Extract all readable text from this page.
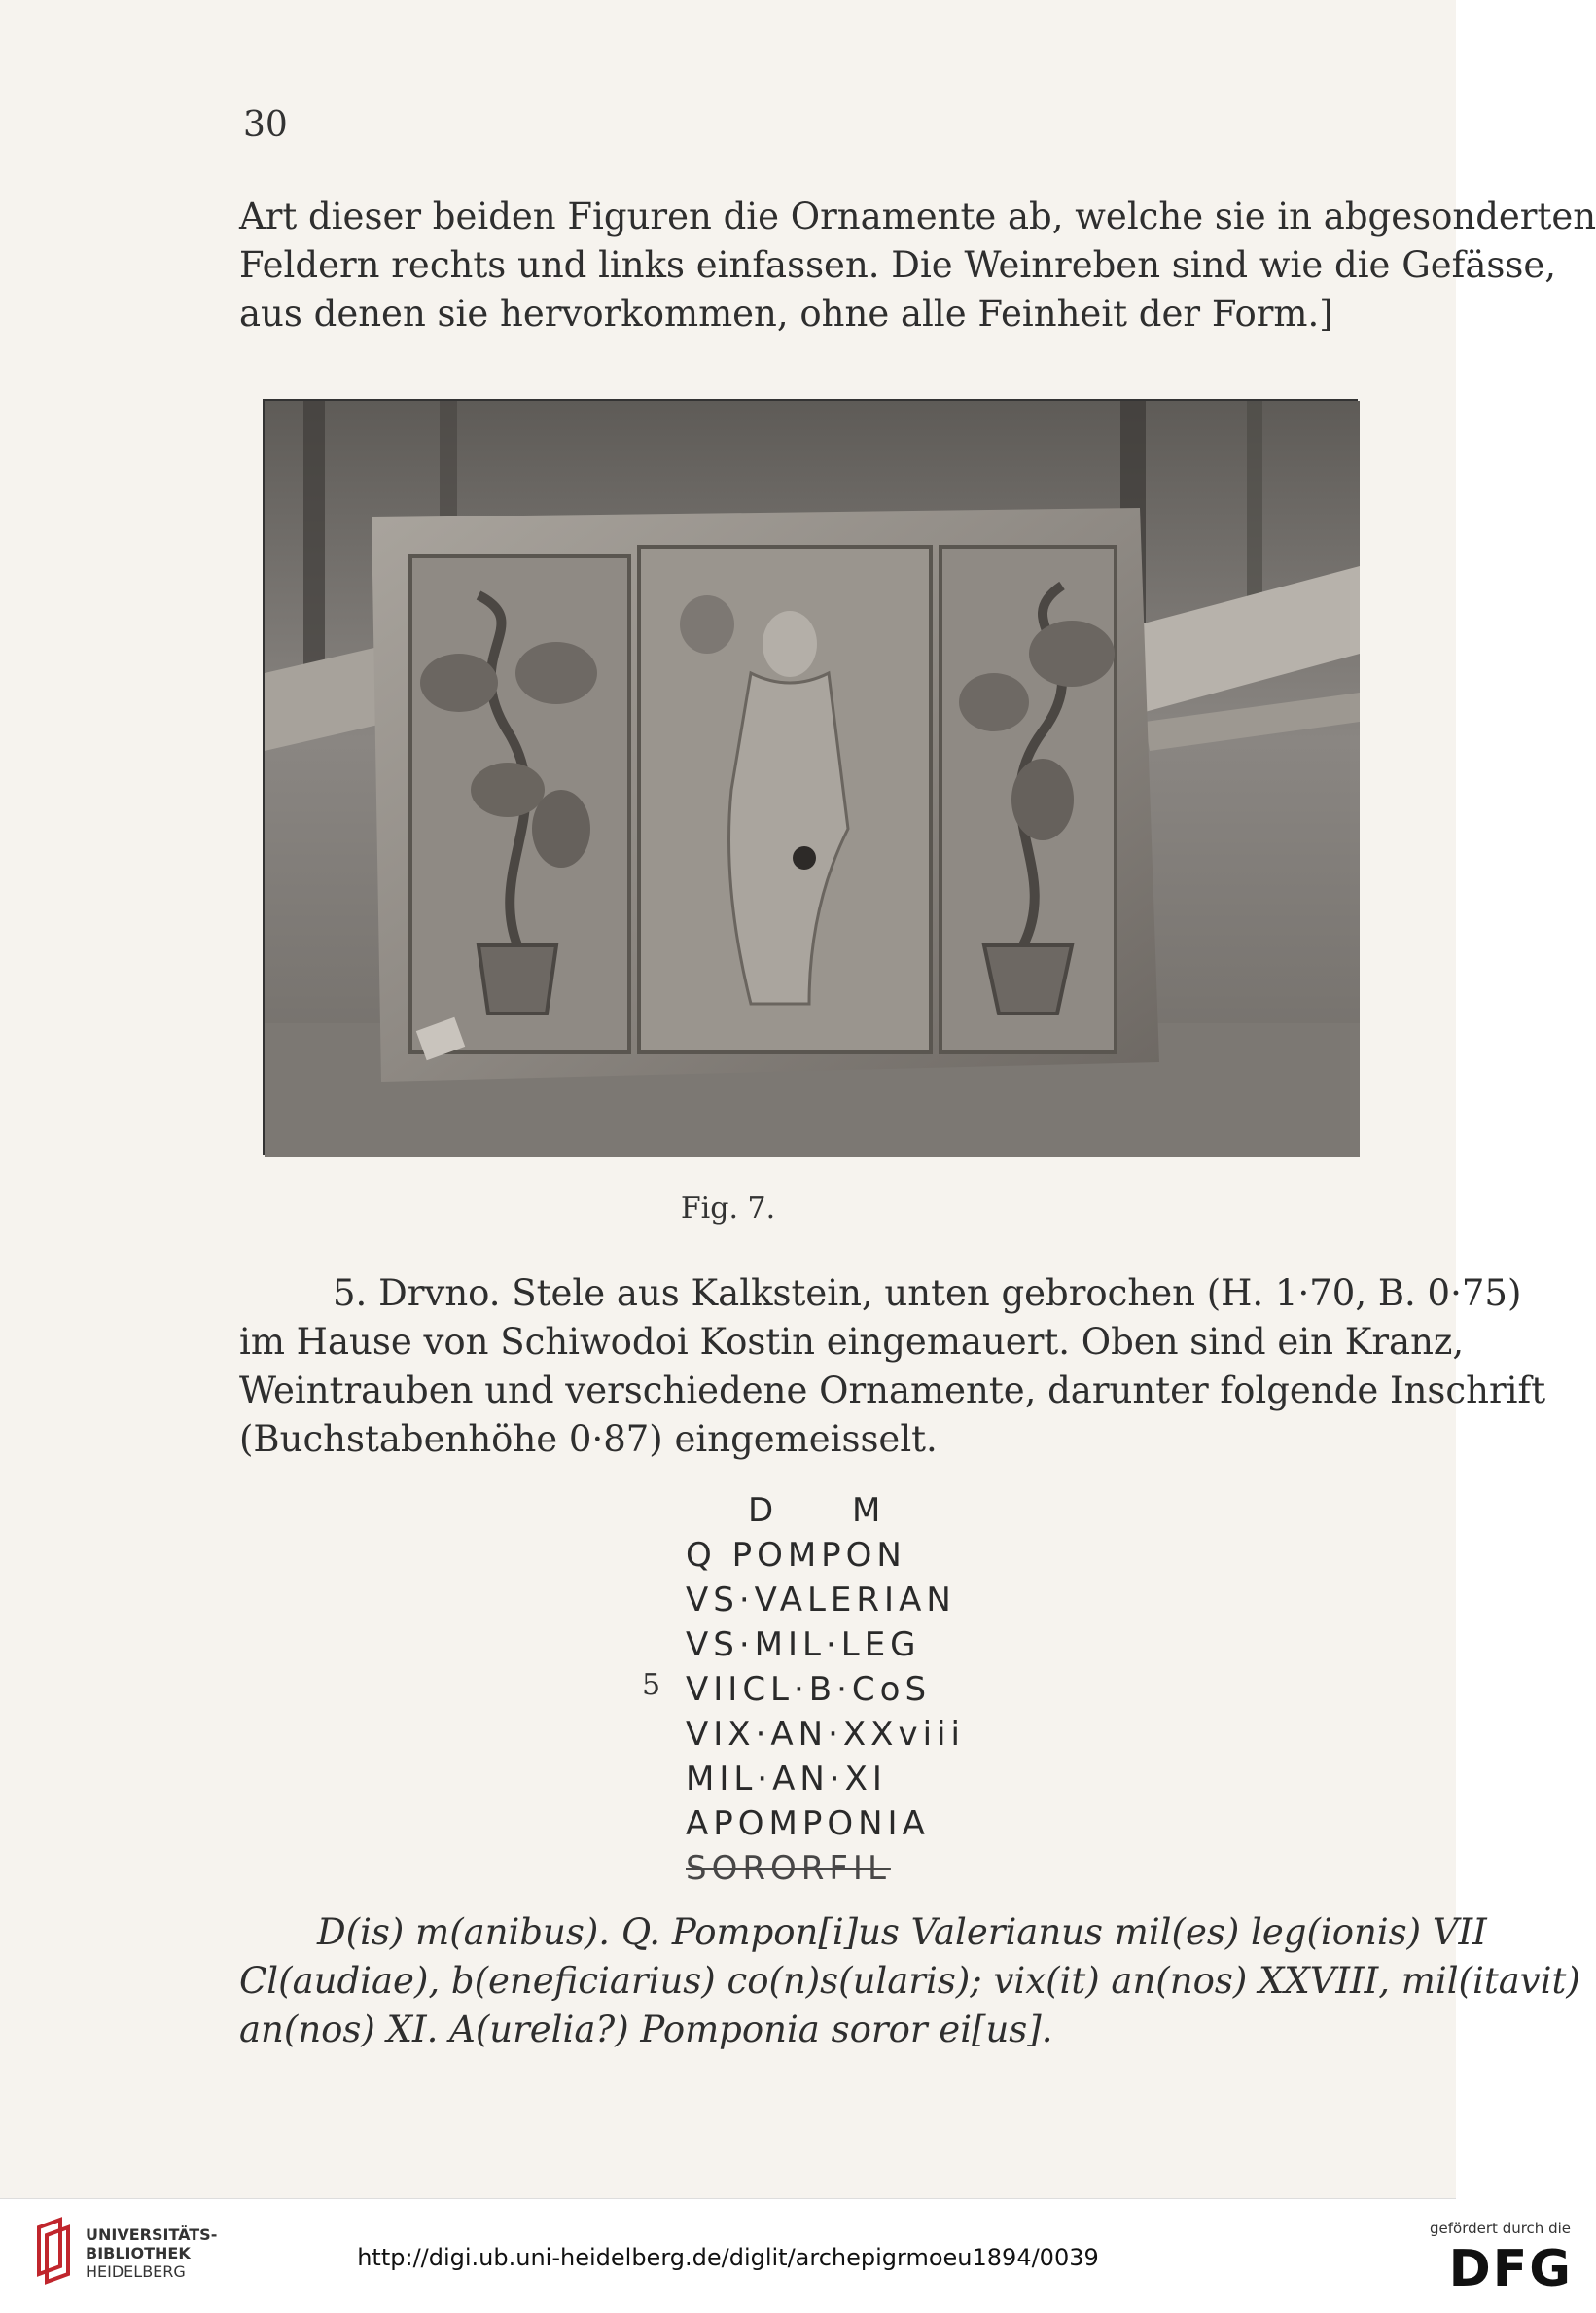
30
Art dieser beiden Figuren die Ornamente ab, welche sie in abgesonderten
Feldern rechts und links einfassen. Die Weinreben sind wie die Gefässe,
aus denen sie hervorkommen, ohne alle Feinheit der Form.]
Fig. 7.
5. Drvno. Stele aus Kalkstein, unten gebrochen (H. 1·70, B. 0·75)
im Hause von Schiwodoi Kostin eingemauert. Oben sind ein Kranz,
Weintrauben und verschiedene Ornamente, darunter folgende Inschrift
(Buchstabenhöhe 0·87) eingemeisselt.
D M
Q POMPON
VS·VALERIAN
VS·MIL·LEG
VIICL·B·CoS
VIX·AN·XXviii
MIL·AN·XI
APOMPONIA
SORORFIL
5
D(is) m(anibus). Q. Pompon[i]us Valerianus mil(es) leg(ionis) VII
Cl(audiae), b(eneficiarius) co(n)s(ularis); vix(it) an(nos) XXVIII, mil(itavit)
an(nos) XI. A(urelia?) Pomponia soror ei[us].
UNIVERSITÄTS-
BIBLIOTHEK
HEIDELBERG
http://digi.ub.uni-heidelberg.de/diglit/archepigrmoeu1894/0039
gefördert durch die
DFG
